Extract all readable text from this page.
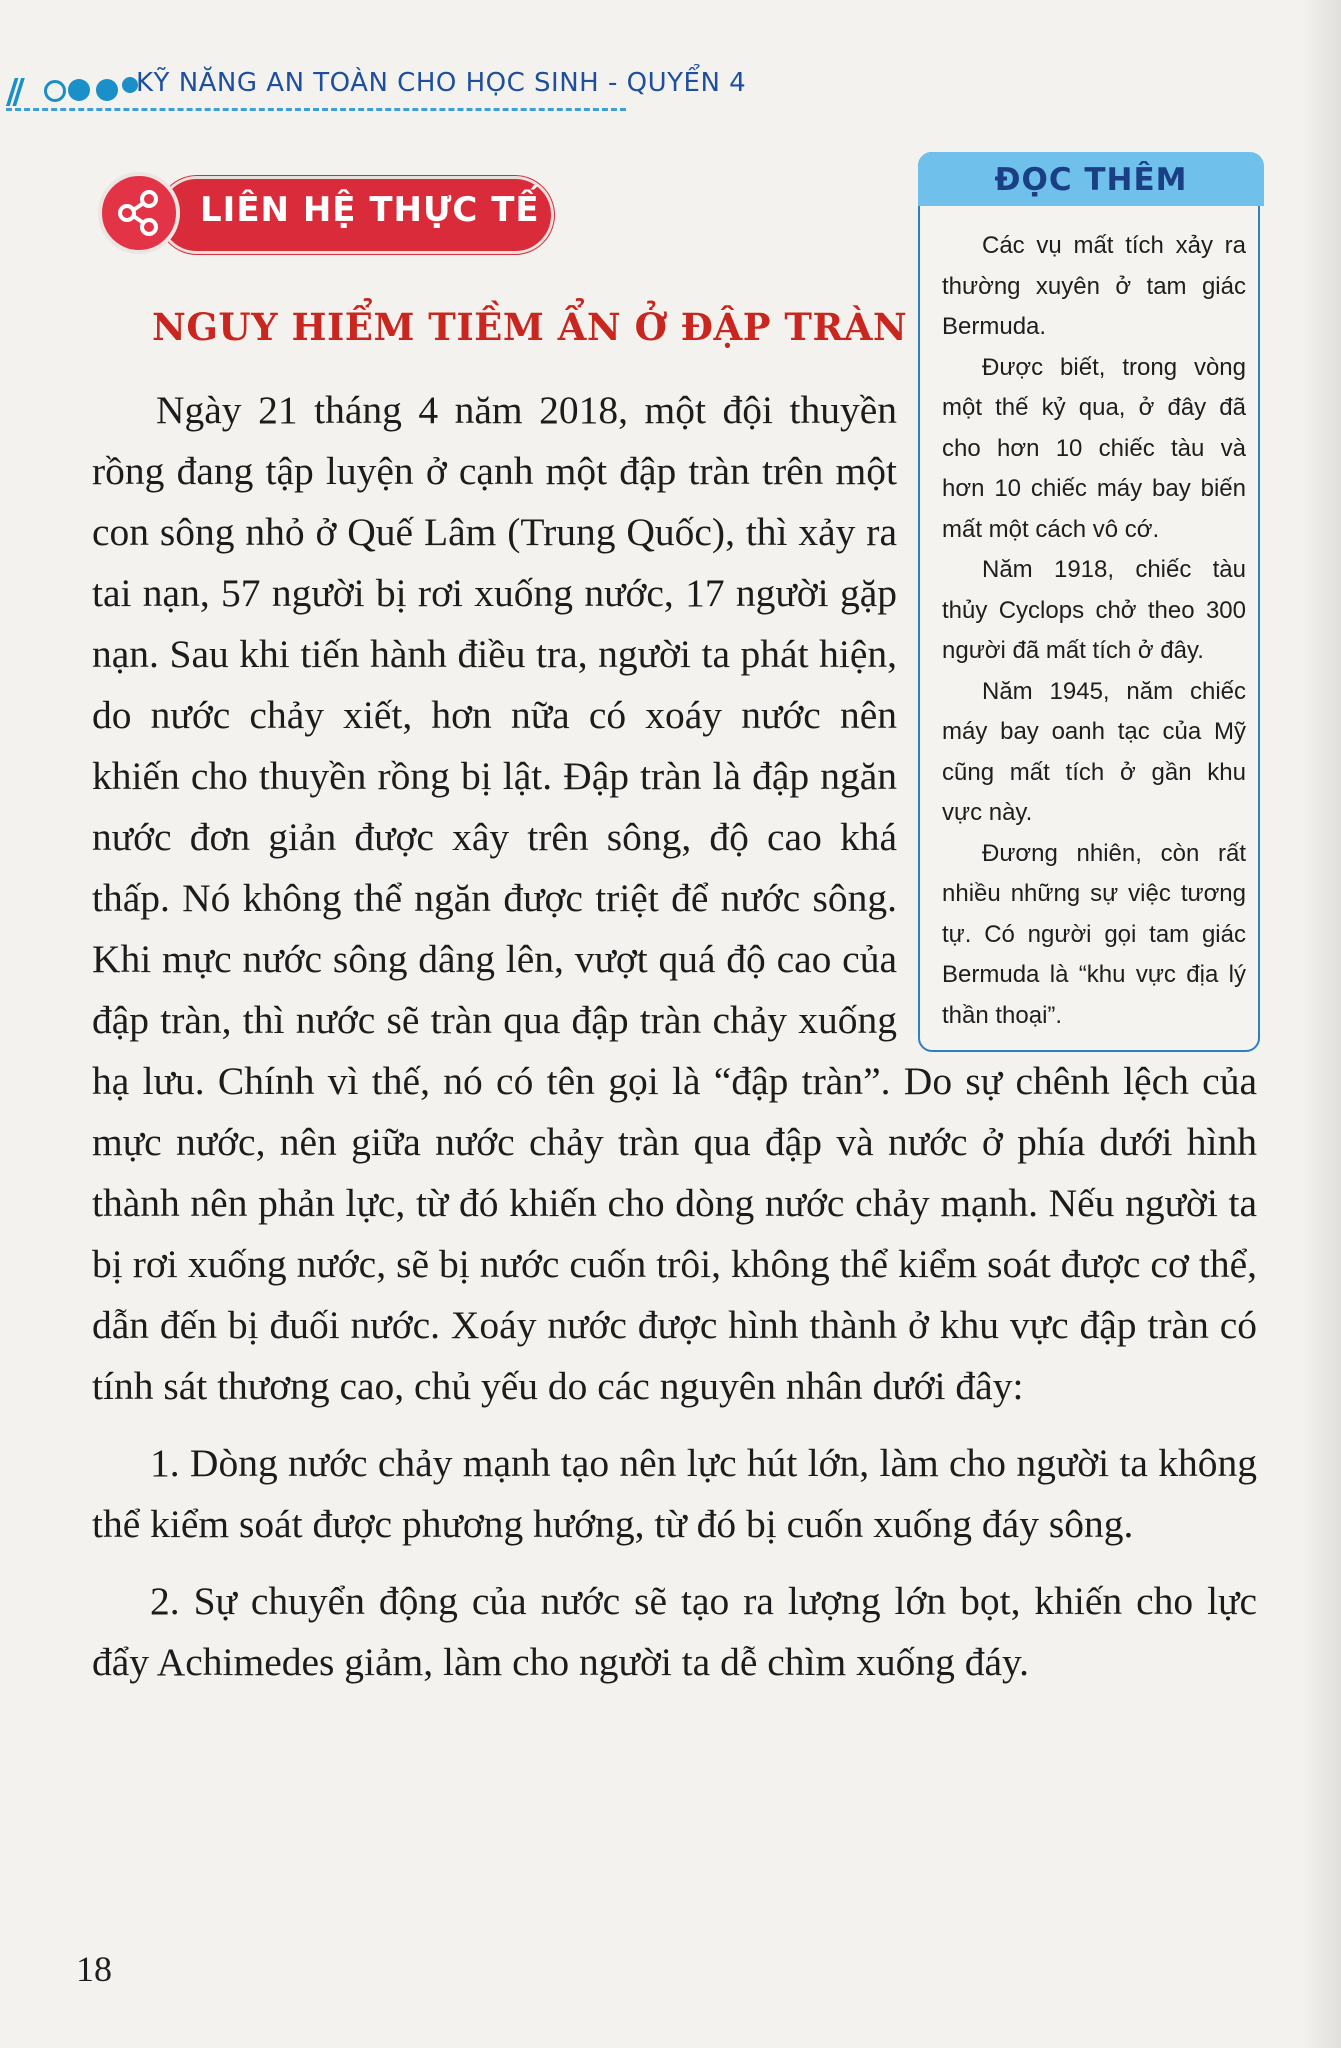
//	KỸ NĂNG AN TOÀN CHO HỌC SINH - QUYỂN 4
LIÊN HỆ THỰC TẾ
ĐỌC THÊM

Các vụ mất tích xảy ra thường xuyên ở tam giác Bermuda.

Được biết, trong vòng một thế kỷ qua, ở đây đã cho hơn 10 chiếc tàu và hơn 10 chiếc máy bay biến mất một cách vô cớ.

Năm 1918, chiếc tàu thủy Cyclops chở theo 300 người đã mất tích ở đây.

Năm 1945, năm chiếc máy bay oanh tạc của Mỹ cũng mất tích ở gần khu vực này.

Đương nhiên, còn rất nhiều những sự việc tương tự. Có người gọi tam giác Bermuda là “khu vực địa lý thần thoại”.

NGUY HIỂM TIỀM ẨN Ở ĐẬP TRÀN

Ngày 21 tháng 4 năm 2018, một đội thuyền rồng đang tập luyện ở cạnh một đập tràn trên một con sông nhỏ ở Quế Lâm (Trung Quốc), thì xảy ra tai nạn, 57 người bị rơi xuống nước, 17 người gặp nạn. Sau khi tiến hành điều tra, người ta phát hiện, do nước chảy xiết, hơn nữa có xoáy nước nên khiến cho thuyền rồng bị lật. Đập tràn là đập ngăn nước đơn giản được xây trên sông, độ cao khá thấp. Nó không thể ngăn được triệt để nước sông. Khi mực nước sông dâng lên, vượt quá độ cao của đập tràn, thì nước sẽ tràn qua đập tràn chảy xuống hạ lưu. Chính vì thế, nó có tên gọi là “đập tràn”. Do sự chênh lệch của mực nước, nên giữa nước chảy tràn qua đập và nước ở phía dưới hình thành nên phản lực, từ đó khiến cho dòng nước chảy mạnh. Nếu người ta bị rơi xuống nước, sẽ bị nước cuốn trôi, không thể kiểm soát được cơ thể, dẫn đến bị đuối nước. Xoáy nước được hình thành ở khu vực đập tràn có tính sát thương cao, chủ yếu do các nguyên nhân dưới đây:

1. Dòng nước chảy mạnh tạo nên lực hút lớn, làm cho người ta không thể kiểm soát được phương hướng, từ đó bị cuốn xuống đáy sông.

2. Sự chuyển động của nước sẽ tạo ra lượng lớn bọt, khiến cho lực đẩy Achimedes giảm, làm cho người ta dễ chìm xuống đáy.

18
